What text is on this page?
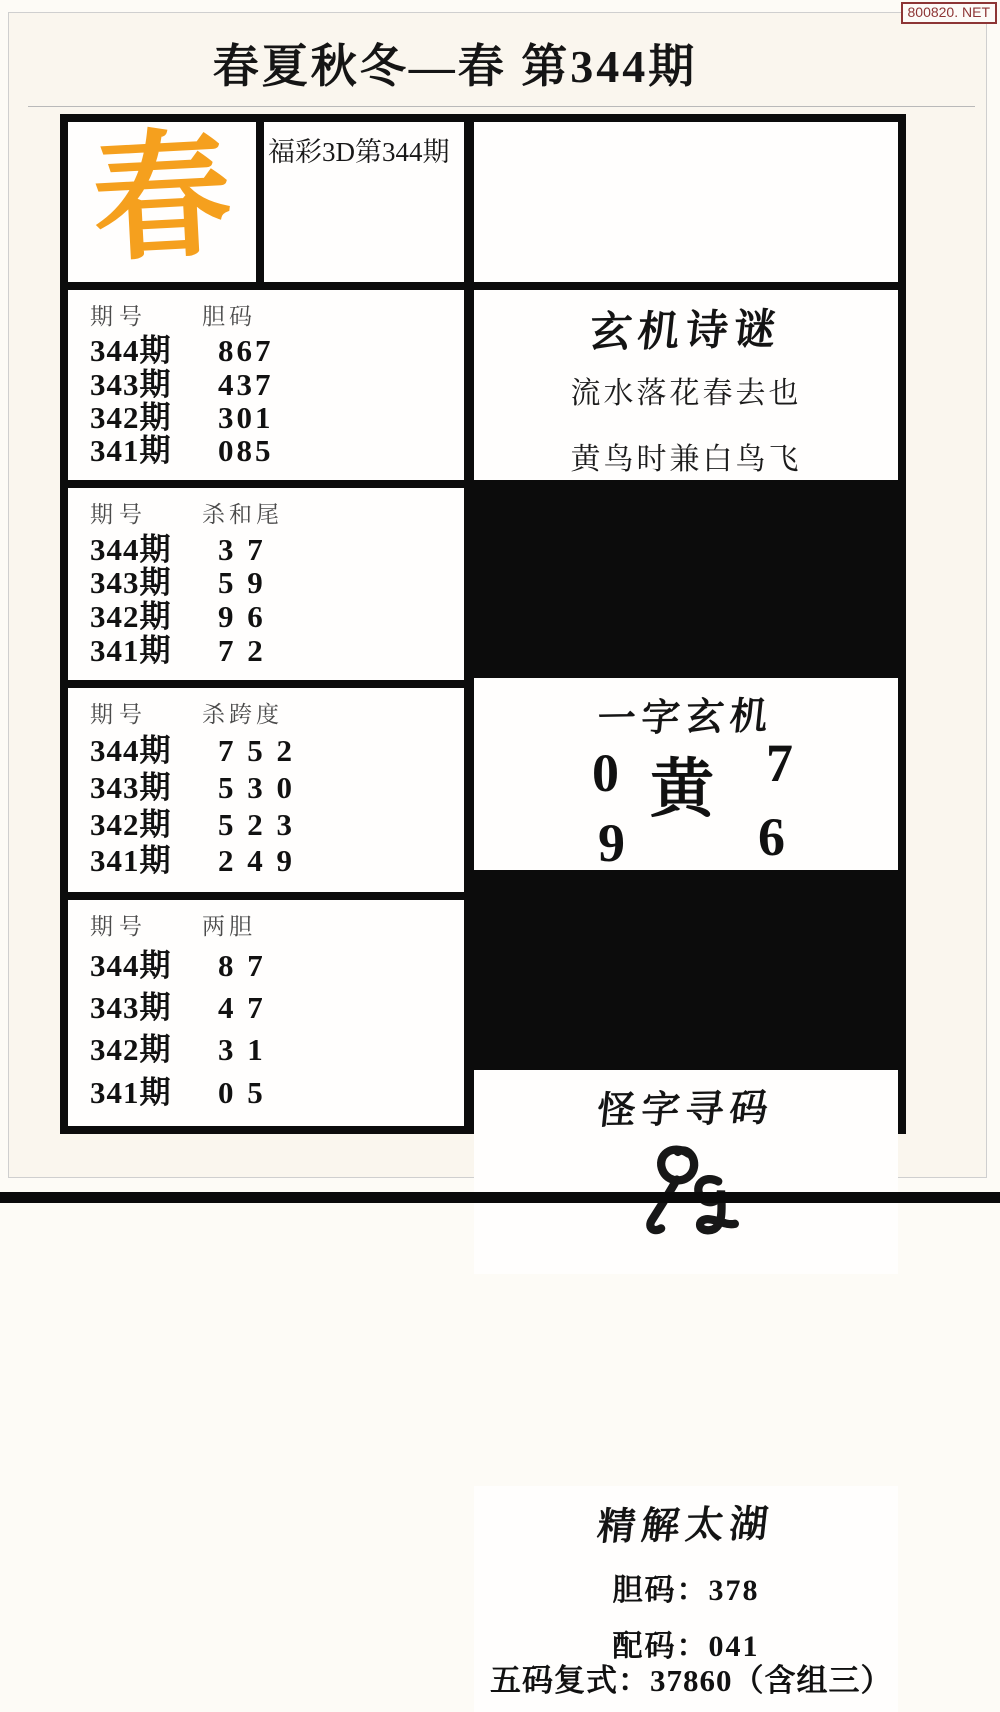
800820. NET
春夏秋冬—春 第344期
春	福彩3D第344期
期号	胆码
344期	867
343期	437
342期	301
341期	085
期号	杀和尾
344期	3 7
343期	5 9
342期	9 6
341期	7 2
期号	杀跨度
344期	7 5 2
343期	5 3 0
342期	5 2 3
341期	2 4 9
期号	两胆
344期	8 7
343期	4 7
342期	3 1
341期	0 5
玄机诗谜
流水落花春去也
黄鸟时兼白鸟飞
一字玄机
0 黄 7
9 6
怪字寻码
精解太湖
胆码：378
配码：041
五码复式：37860（含组三）
